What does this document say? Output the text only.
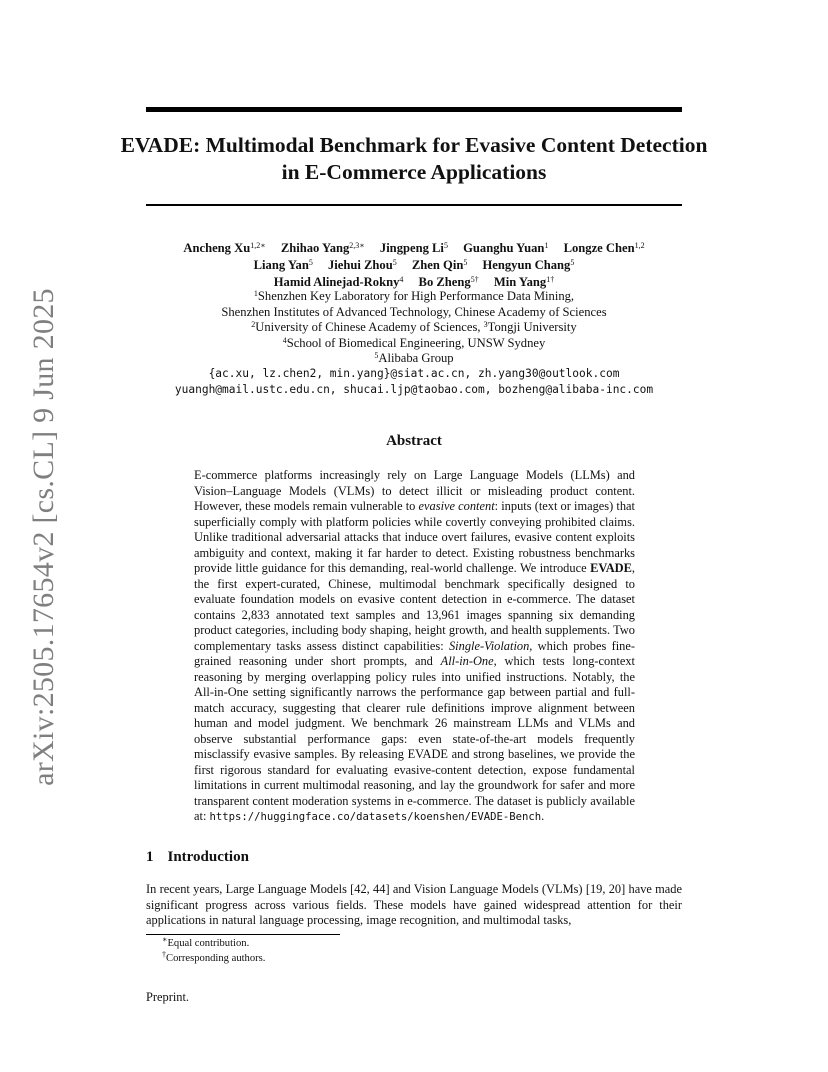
arXiv:2505.17654v2 [cs.CL] 9 Jun 2025
EVADE: Multimodal Benchmark for Evasive Content Detection in E-Commerce Applications
Ancheng $Xu^{1,2∗}$ Zhihao Yang$^{2,3∗}$ Jingpeng Li$^5$ Guanghu Yuan$^1$ Longze Chen$^{1,2}$
Liang Yan$^5$ Jiehui Zhou$^5$ Zhen Qin$^5$ Hengyun Chang$^5$
Hamid Alinejad-Rokny$^4$ Bo Zheng$^{5\dagger}$ Min Yang$^{1\dagger}$
$^1$Shenzhen Key Laboratory for High Performance Data Mining,
Shenzhen Institutes of Advanced Technology, Chinese Academy of Sciences
$^2$University of Chinese Academy of Sciences, $^3$Tongji University
$^4$School of Biomedical Engineering, UNSW Sydney
$^5$Alibaba Group
{ac.xu, lz.chen2, min.yang}@siat.ac.cn, zh.yang30@outlook.com
yuangh@mail.ustc.edu.cn, shucai.ljp@taobao.com, bozheng@alibaba-inc.com
Abstract
E-commerce platforms increasingly rely on Large Language Models (LLMs) and Vision–Language Models (VLMs) to detect illicit or misleading product content. However, these models remain vulnerable to evasive content: inputs (text or images) that superficially comply with platform policies while covertly conveying prohibited claims. Unlike traditional adversarial attacks that induce overt failures, evasive content exploits ambiguity and context, making it far harder to detect. Existing robustness benchmarks provide little guidance for this demanding, real-world challenge. We introduce EVADE, the first expert-curated, Chinese, multimodal benchmark specifically designed to evaluate foundation models on evasive content detection in e-commerce. The dataset contains 2,833 annotated text samples and 13,961 images spanning six demanding product categories, including body shaping, height growth, and health supplements. Two complementary tasks assess distinct capabilities: Single-Violation, which probes fine-grained reasoning under short prompts, and All-in-One, which tests long-context reasoning by merging overlapping policy rules into unified instructions. Notably, the All-in-One setting significantly narrows the performance gap between partial and full-match accuracy, suggesting that clearer rule definitions improve alignment between human and model judgment. We benchmark 26 mainstream LLMs and VLMs and observe substantial performance gaps: even state-of-the-art models frequently misclassify evasive samples. By releasing EVADE and strong baselines, we provide the first rigorous standard for evaluating evasive-content detection, expose fundamental limitations in current multimodal reasoning, and lay the groundwork for safer and more transparent content moderation systems in e-commerce. The dataset is publicly available at: https://huggingface.co/datasets/koenshen/EVADE-Bench.
1 Introduction
In recent years, Large Language Models [42, 44] and Vision Language Models (VLMs) [19, 20] have made significant progress across various fields. These models have gained widespread attention for their applications in natural language processing, image recognition, and multimodal tasks,
∗Equal contribution.
†Corresponding authors.
Preprint.
